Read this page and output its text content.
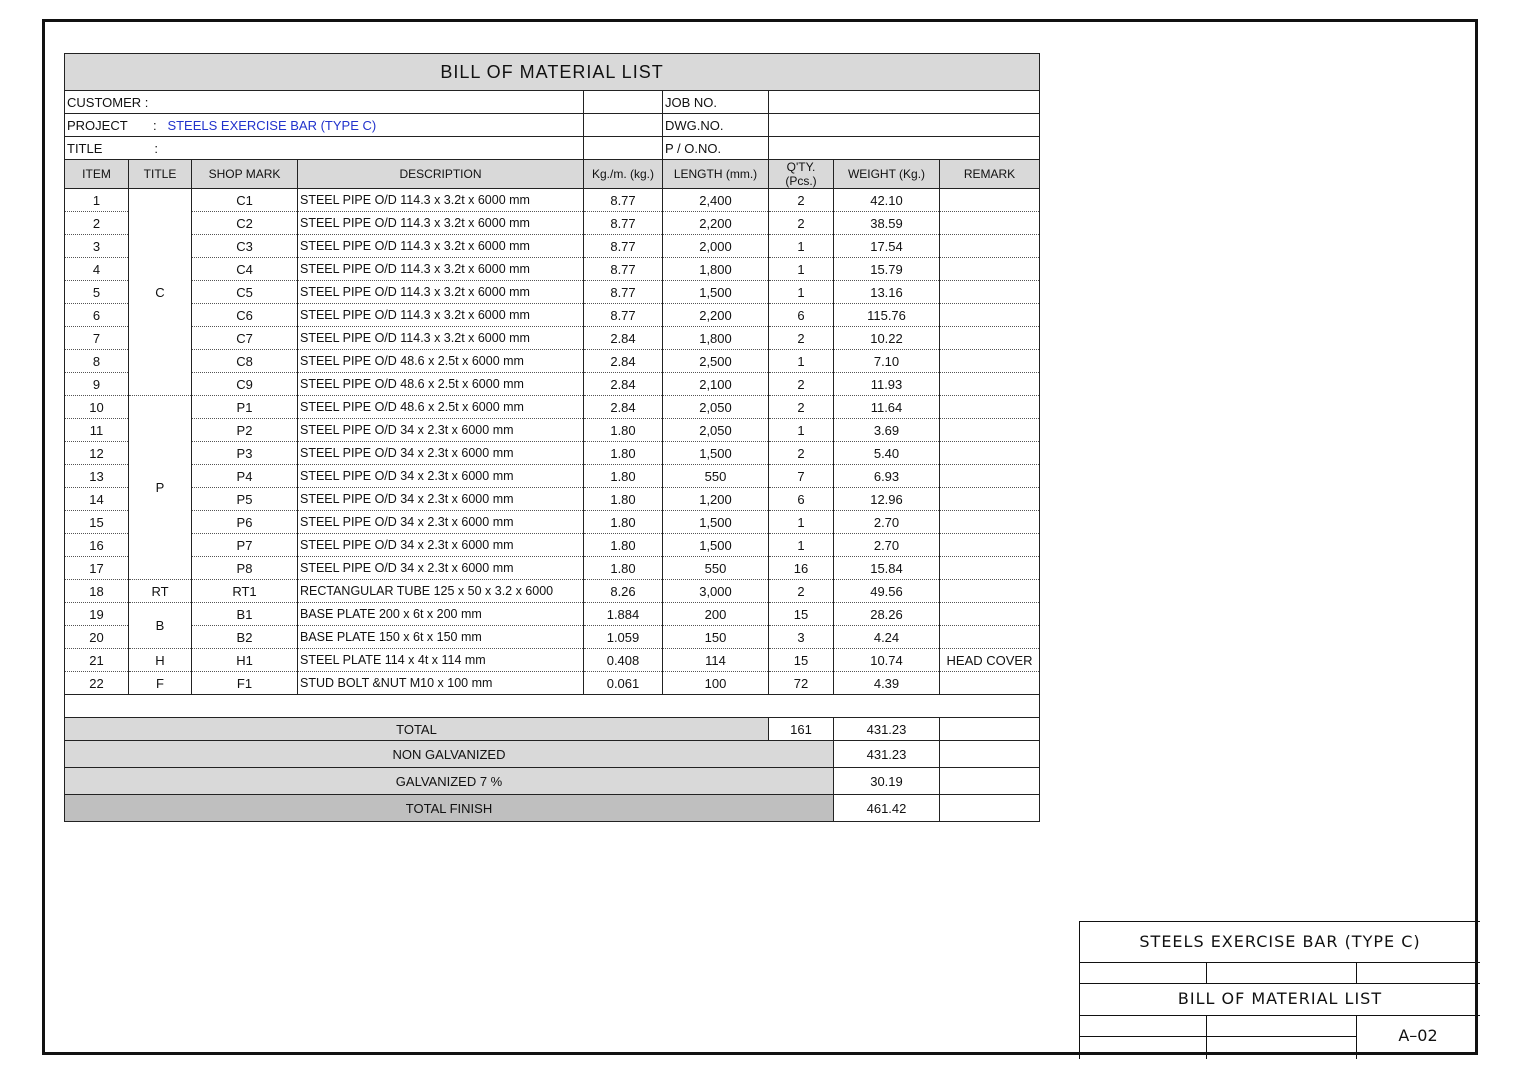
BILL OF MATERIAL LIST								
CUSTOMER :					JOB NO.			
PROJECT : STEELS EXERCISE BAR (TYPE C)					DWG.NO.			
TITLE :					P / O.NO.			
ITEM	TITLE	SHOP MARK	DESCRIPTION	Kg./m. (kg.)	LENGTH (mm.)	Q'TY. (Pcs.)	WEIGHT (Kg.)	REMARK
1	C	C1	STEEL PIPE O/D 114.3 x 3.2t x 6000 mm	8.77	2,400	2	42.10	
2		C2	STEEL PIPE O/D 114.3 x 3.2t x 6000 mm	8.77	2,200	2	38.59	
3		C3	STEEL PIPE O/D 114.3 x 3.2t x 6000 mm	8.77	2,000	1	17.54	
4		C4	STEEL PIPE O/D 114.3 x 3.2t x 6000 mm	8.77	1,800	1	15.79	
5		C5	STEEL PIPE O/D 114.3 x 3.2t x 6000 mm	8.77	1,500	1	13.16	
6		C6	STEEL PIPE O/D 114.3 x 3.2t x 6000 mm	8.77	2,200	6	115.76	
7		C7	STEEL PIPE O/D 114.3 x 3.2t x 6000 mm	2.84	1,800	2	10.22	
8		C8	STEEL PIPE O/D 48.6 x 2.5t x 6000 mm	2.84	2,500	1	7.10	
9		C9	STEEL PIPE O/D 48.6 x 2.5t x 6000 mm	2.84	2,100	2	11.93	
10	P	P1	STEEL PIPE O/D 48.6 x 2.5t x 6000 mm	2.84	2,050	2	11.64	
11		P2	STEEL PIPE O/D 34 x 2.3t x 6000 mm	1.80	2,050	1	3.69	
12		P3	STEEL PIPE O/D 34 x 2.3t x 6000 mm	1.80	1,500	2	5.40	
13		P4	STEEL PIPE O/D 34 x 2.3t x 6000 mm	1.80	550	7	6.93	
14		P5	STEEL PIPE O/D 34 x 2.3t x 6000 mm	1.80	1,200	6	12.96	
15		P6	STEEL PIPE O/D 34 x 2.3t x 6000 mm	1.80	1,500	1	2.70	
16		P7	STEEL PIPE O/D 34 x 2.3t x 6000 mm	1.80	1,500	1	2.70	
17		P8	STEEL PIPE O/D 34 x 2.3t x 6000 mm	1.80	550	16	15.84	
18	RT	RT1	RECTANGULAR TUBE 125 x 50 x 3.2 x 6000	8.26	3,000	2	49.56	
19	B	B1	BASE PLATE 200 x 6t x 200 mm	1.884	200	15	28.26	
20		B2	BASE PLATE 150 x 6t x 150 mm	1.059	150	3	4.24	
21	H	H1	STEEL PLATE 114 x 4t x 114 mm	0.408	114	15	10.74	HEAD COVER
22	F	F1	STUD BOLT &NUT M10 x 100 mm	0.061	100	72	4.39	

TOTAL						161	431.23	
NON GALVANIZED							431.23	
GALVANIZED 7 %							30.19	
TOTAL FINISH							461.42	
STEELS EXERCISE BAR (TYPE C)
BILL OF MATERIAL LIST
A–02
